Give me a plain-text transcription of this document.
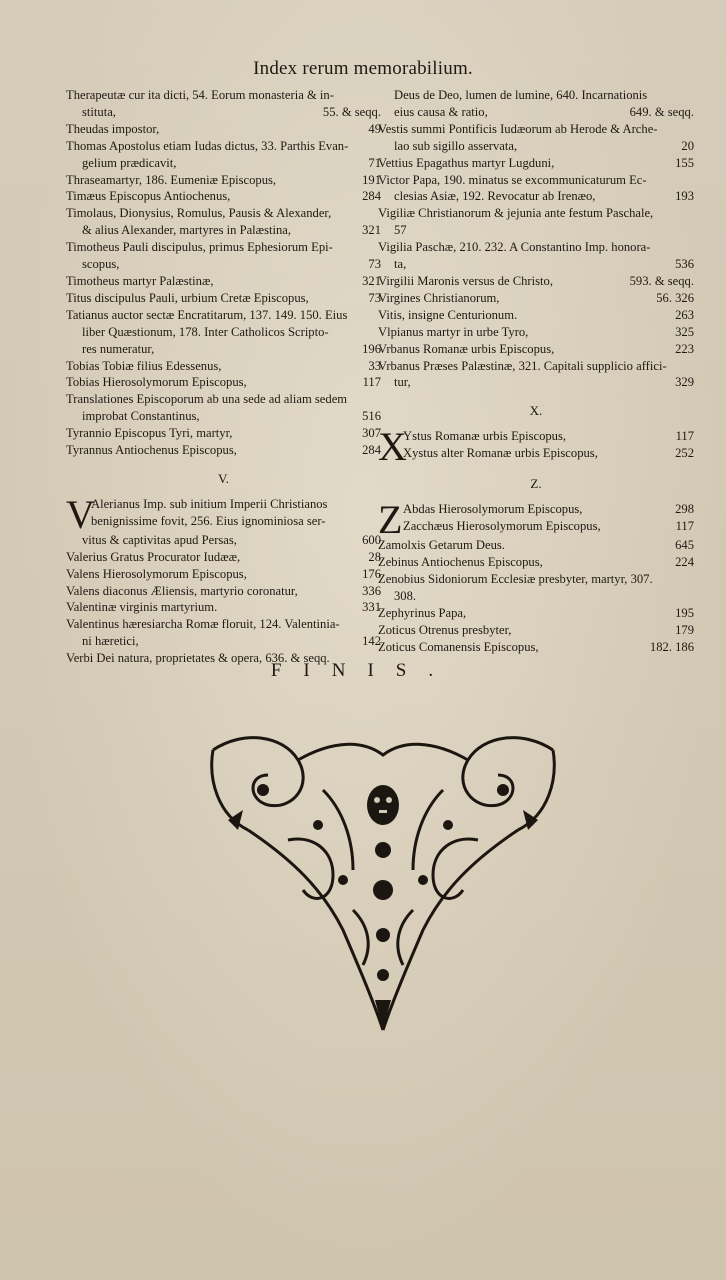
Index rerum memorabilium.
Therapeutæ cur ita dicti, 54. Eorum monasteria & in-
stituta,	55. & seqq.
Theudas impostor,	49
Thomas Apostolus etiam Iudas dictus, 33. Parthis Evan-
gelium prædicavit,	71
Thraseamartyr, 186. Eumeniæ Episcopus,	191
Timæus Episcopus Antiochenus,	284
Timolaus, Dionysius, Romulus, Pausis & Alexander,
& alius Alexander, martyres in Palæstina,	321
Timotheus Pauli discipulus, primus Ephesiorum Epi-
scopus,	73
Timotheus martyr Palæstinæ,	321
Titus discipulus Pauli, urbium Cretæ Episcopus,	73
Tatianus auctor sectæ Encratitarum, 137. 149. 150. Eius
liber Quæstionum, 178. Inter Catholicos Scripto-
res numeratur,	196
Tobias Tobiæ filius Edessenus,	33
Tobias Hierosolymorum Episcopus,	117
Translationes Episcoporum ab una sede ad aliam sedem
improbat Constantinus,	516
Tyrannio Episcopus Tyri, martyr,	307
Tyrannus Antiochenus Episcopus,	284
V.
V
Alerianus Imp. sub initium Imperii Christianos
benignissime fovit, 256. Eius ignominiosa ser-
vitus & captivitas apud Persas,	600
Valerius Gratus Procurator Iudææ,	28
Valens Hierosolymorum Episcopus,	176
Valens diaconus Æliensis, martyrio coronatur,	336
Valentinæ virginis martyrium.	331
Valentinus hæresiarcha Romæ floruit, 124. Valentinia-
ni hæretici,	142
Verbi Dei natura, proprietates & opera, 636. & seqq.
Deus de Deo, lumen de lumine, 640. Incarnationis
eius causa & ratio,	649. & seqq.
Vestis summi Pontificis Iudæorum ab Herode & Arche-
lao sub sigillo asservata,	20
Vettius Epagathus martyr Lugduni,	155
Victor Papa, 190. minatus se excommunicaturum Ec-
clesias Asiæ, 192. Revocatur ab Irenæo,	193
Vigiliæ Christianorum & jejunia ante festum Paschale,
57
Vigilia Paschæ, 210. 232. A Constantino Imp. honora-
ta,	536
Virgilii Maronis versus de Christo,	593. & seqq.
Virgines Christianorum,	56. 326
Vitis, insigne Centurionum.	263
Vlpianus martyr in urbe Tyro,	325
Vrbanus Romanæ urbis Episcopus,	223
Vrbanus Præses Palæstinæ, 321. Capitali supplicio affici-
tur,	329
X.
X
Ystus Romanæ urbis Episcopus,	117
Xystus alter Romanæ urbis Episcopus,	252
Z.
Z Abdas Hierosolymorum Episcopus,	298
Zacchæus Hierosolymorum Episcopus,	117
Zamolxis Getarum Deus.	645
Zebinus Antiochenus Episcopus,	224
Zenobius Sidoniorum Ecclesiæ presbyter, martyr, 307.
308.
Zephyrinus Papa,	195
Zoticus Otrenus presbyter,	179
Zoticus Comanensis Episcopus,	182. 186
FINIS.
